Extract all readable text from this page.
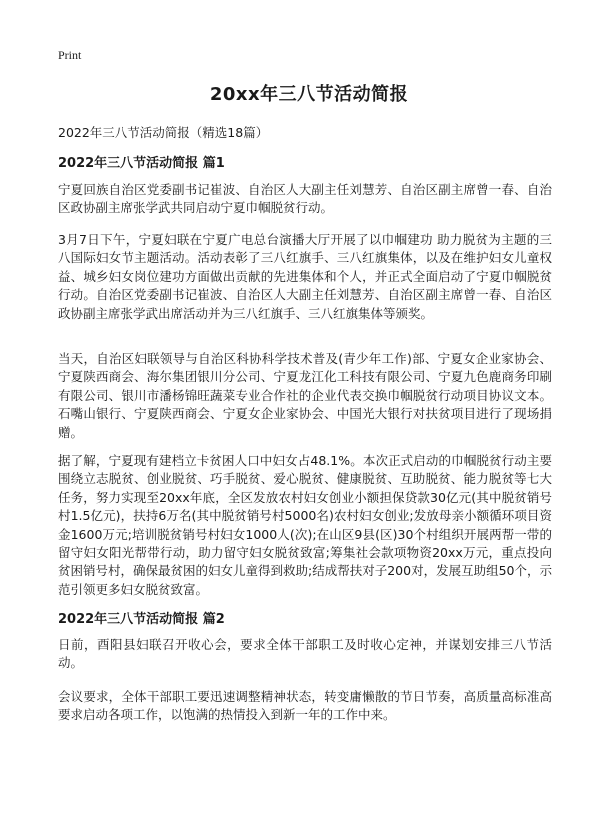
Print
20xx年三八节活动简报

2022年三八节活动简报（精选18篇）

2022年三八节活动简报 篇1

宁夏回族自治区党委副书记崔波、自治区人大副主任刘慧芳、自治区副主席曾一春、自治区政协副主席张学武共同启动宁夏巾帼脱贫行动。

3月7日下午，宁夏妇联在宁夏广电总台演播大厅开展了以巾帼建功 助力脱贫为主题的三八国际妇女节主题活动。活动表彰了三八红旗手、三八红旗集体，以及在维护妇女儿童权益、城乡妇女岗位建功方面做出贡献的先进集体和个人，并正式全面启动了宁夏巾帼脱贫行动。自治区党委副书记崔波、自治区人大副主任刘慧芳、自治区副主席曾一春、自治区政协副主席张学武出席活动并为三八红旗手、三八红旗集体等颁奖。

当天，自治区妇联领导与自治区科协科学技术普及(青少年工作)部、宁夏女企业家协会、宁夏陕西商会、海尔集团银川分公司、宁夏龙江化工科技有限公司、宁夏九色鹿商务印刷有限公司、银川市潘杨锦旺蔬菜专业合作社的企业代表交换巾帼脱贫行动项目协议文本。石嘴山银行、宁夏陕西商会、宁夏女企业家协会、中国光大银行对扶贫项目进行了现场捐赠。

据了解，宁夏现有建档立卡贫困人口中妇女占48.1%。本次正式启动的巾帼脱贫行动主要围绕立志脱贫、创业脱贫、巧手脱贫、爱心脱贫、健康脱贫、互助脱贫、能力脱贫等七大任务，努力实现至20xx年底，全区发放农村妇女创业小额担保贷款30亿元(其中脱贫销号村1.5亿元)，扶持6万名(其中脱贫销号村5000名)农村妇女创业;发放母亲小额循环项目资金1600万元;培训脱贫销号村妇女1000人(次);在山区9县(区)30个村组织开展两帮一带的留守妇女阳光帮带行动，助力留守妇女脱贫致富;筹集社会款项物资20xx万元，重点投向贫困销号村，确保最贫困的妇女儿童得到救助;结成帮扶对子200对，发展互助组50个，示范引领更多妇女脱贫致富。

2022年三八节活动简报 篇2

日前，酉阳县妇联召开收心会，要求全体干部职工及时收心定神，并谋划安排三八节活动。

会议要求，全体干部职工要迅速调整精神状态，转变庸懒散的节日节奏，高质量高标准高要求启动各项工作，以饱满的热情投入到新一年的工作中来。
